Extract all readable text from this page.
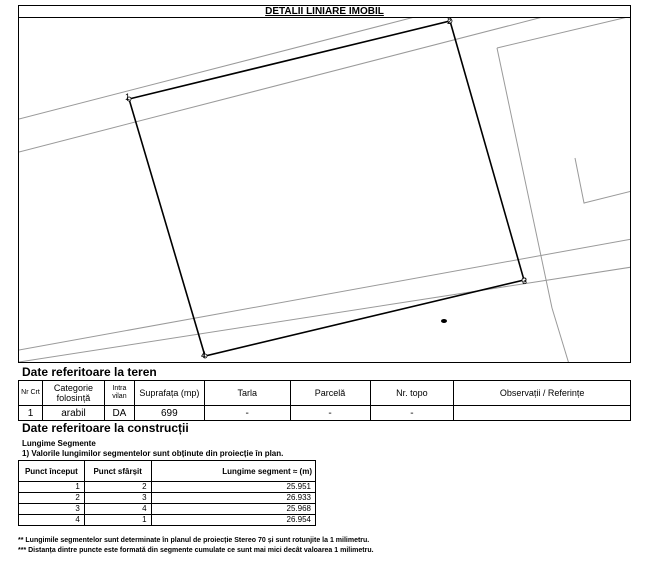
DETALII LINIARE IMOBIL
1
2
3
4
Date referitoare la teren
Nr Crt	Categorie folosință	Intra vilan	Suprafața (mp)	Tarla	Parcelă	Nr. topo	Observații / Referințe
1	arabil	DA	699	-	-	-	
Date referitoare la construcții
Lungime Segmente
1) Valorile lungimilor segmentelor sunt obținute din proiecție în plan.
Punct început	Punct sfârșit	Lungime segment ≈ (m)
1	2	25.951
2	3	26.933
3	4	25.968
4	1	26.954
** Lungimile segmentelor sunt determinate în planul de proiecție Stereo 70 și sunt rotunjite la 1 milimetru.
*** Distanța dintre puncte este formată din segmente cumulate ce sunt mai mici decât valoarea 1 milimetru.
